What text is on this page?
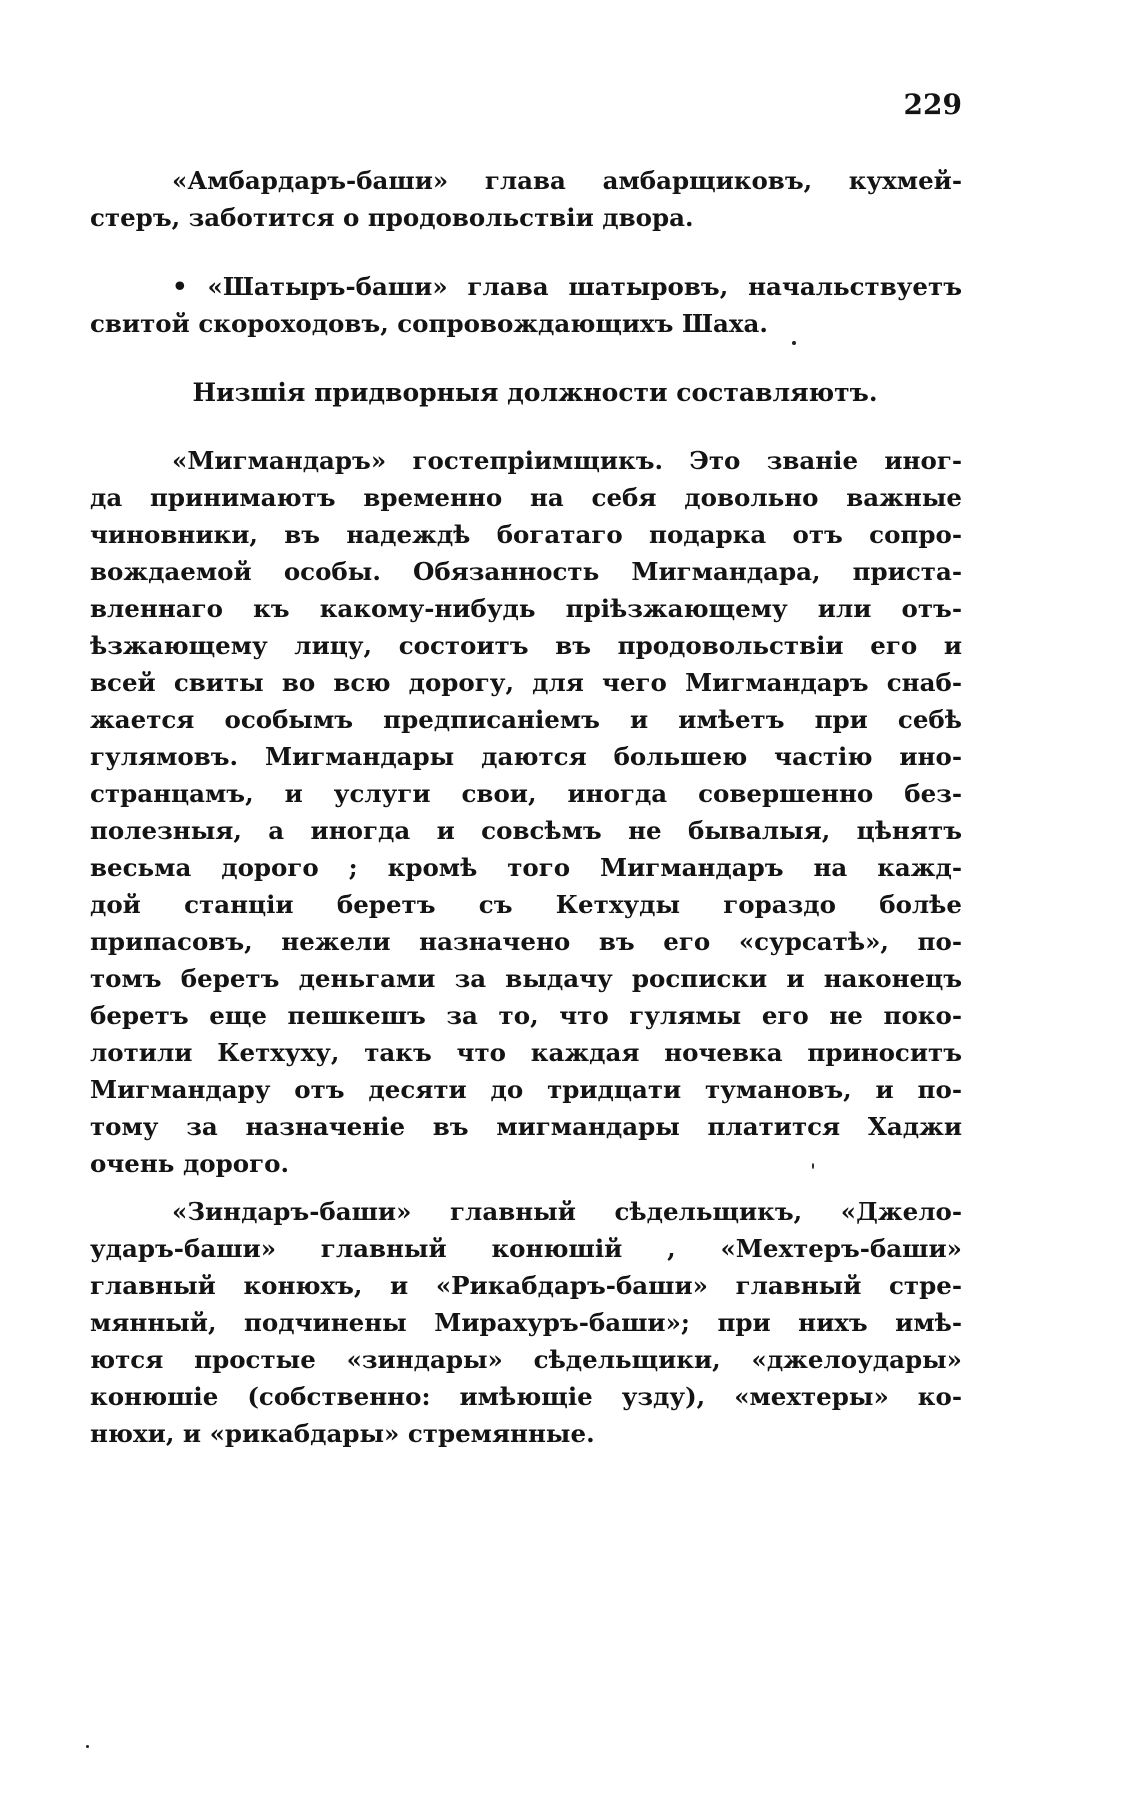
229

«Амбардаръ-баши» глава амбарщиковъ, кухмей-
стеръ, заботится о продовольствіи двора.

• «Шатыръ-баши» глава шатыровъ, начальствуетъ
свитой скороходовъ, сопровождающихъ Шаха.

Низшія придворныя должности составляютъ.

«Мигмандаръ» гостепріимщикъ. Это званіе иног-
да принимаютъ временно на себя довольно важные
чиновники, въ надеждѣ богатаго подарка отъ сопро-
вождаемой особы. Обязанность Мигмандара, приста-
вленнаго къ какому-нибудь пріѣзжающему или отъ-
ѣзжающему лицу, состоитъ въ продовольствіи его и
всей свиты во всю дорогу, для чего Мигмандаръ снаб-
жается особымъ предписаніемъ и имѣетъ при себѣ
гулямовъ. Мигмандары даются большею частію ино-
странцамъ, и услуги свои, иногда совершенно без-
полезныя, а иногда и совсѣмъ не бывалыя, цѣнятъ
весьма дорого ; кромѣ того Мигмандаръ на кажд-
дой станціи беретъ съ Кетхуды гораздо болѣе
припасовъ, нежели назначено въ его «сурсатѣ», по-
томъ беретъ деньгами за выдачу росписки и наконецъ
беретъ еще пешкешъ за то, что гулямы его не поко-
лотили Кетхуху, такъ что каждая ночевка приноситъ
Мигмандару отъ десяти до тридцати тумановъ, и по-
тому за назначеніе въ мигмандары платится Хаджи
очень дорого.

«Зиндаръ-баши» главный сѣдельщикъ, «Джело-
ударъ-баши» главный конюшій , «Мехтеръ-баши»
главный конюхъ, и «Рикабдаръ-баши» главный стре-
мянный, подчинены Мирахуръ-баши»; при нихъ имѣ-
ются простые «зиндары» сѣдельщики, «джелоудары»
конюшіе (собственно: имѣющіе узду), «мехтеры» ко-
нюхи, и «рикабдары» стремянные.
